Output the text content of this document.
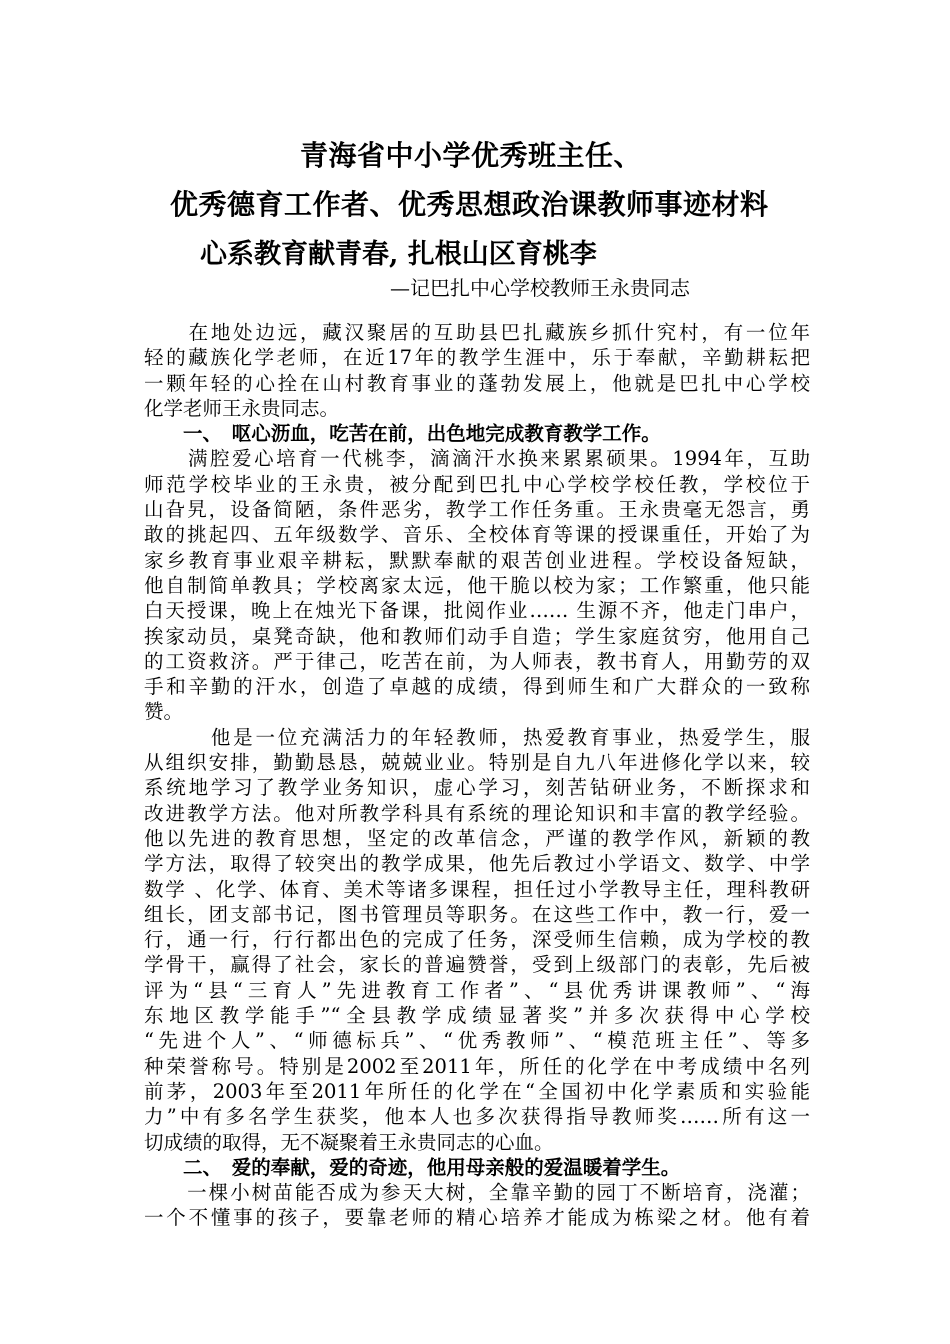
青海省中小学优秀班主任、
优秀德育工作者、优秀思想政治课教师事迹材料
心系教育献青春, 扎根山区育桃李
—记巴扎中心学校教师王永贵同志
　　在地处边远，藏汉聚居的互助县巴扎藏族乡抓什究村，有一位年
轻的藏族化学老师，在近17年的教学生涯中，乐于奉献，辛勤耕耘把
一颗年轻的心拴在山村教育事业的蓬勃发展上，他就是巴扎中心学校
化学老师王永贵同志。
　　一、　呕心沥血，吃苦在前，出色地完成教育教学工作。
　　满腔爱心培育一代桃李，滴滴汗水换来累累硕果。1994年，互助
师范学校毕业的王永贵，被分配到巴扎中心学校学校任教，学校位于
山旮旯，设备简陋，条件恶劣，教学工作任务重。王永贵毫无怨言，勇
敢的挑起四、五年级数学、音乐、全校体育等课的授课重任，开始了为
家乡教育事业艰辛耕耘，默默奉献的艰苦创业进程。学校设备短缺，
他自制简单教具；学校离家太远，他干脆以校为家；工作繁重，他只能
白天授课，晚上在烛光下备课，批阅作业…… 生源不齐，他走门串户，
挨家动员，桌凳奇缺，他和教师们动手自造；学生家庭贫穷，他用自己
的工资救济。严于律己，吃苦在前，为人师表，教书育人，用勤劳的双
手和辛勤的汗水，创造了卓越的成绩，得到师生和广大群众的一致称
赞。
　　　他是一位充满活力的年轻教师，热爱教育事业，热爱学生，服
从组织安排，勤勤恳恳，兢兢业业。特别是自九八年进修化学以来，较
系统地学习了教学业务知识，虚心学习，刻苦钻研业务，不断探求和
改进教学方法。他对所教学科具有系统的理论知识和丰富的教学经验。
他以先进的教育思想，坚定的改革信念，严谨的教学作风，新颖的教
学方法，取得了较突出的教学成果，他先后教过小学语文、数学、中学
数学 、化学、体育、美术等诸多课程，担任过小学教导主任，理科教研
组长，团支部书记，图书管理员等职务。在这些工作中，教一行，爱一
行，通一行，行行都出色的完成了任务，深受师生信赖，成为学校的教
学骨干，赢得了社会，家长的普遍赞誉，受到上级部门的表彰，先后被
评为“县“三育人”先进教育工作者”、“县优秀讲课教师”、“海
东地区教学能手”“全县教学成绩显著奖”并多次获得中心学校
“先进个人”、“师德标兵”、“优秀教师”、“模范班主任”、等多
种荣誉称号。特别是2002至2011年，所任的化学在中考成绩中名列
前茅，2003年至2011年所任的化学在“全国初中化学素质和实验能
力”中有多名学生获奖，他本人也多次获得指导教师奖……所有这一
切成绩的取得，无不凝聚着王永贵同志的心血。
　　二、　爱的奉献，爱的奇迹，他用母亲般的爱温暖着学生。
　　一棵小树苗能否成为参天大树，全靠辛勤的园丁不断培育，浇灌；
一个不懂事的孩子，要靠老师的精心培养才能成为栋梁之材。他有着
